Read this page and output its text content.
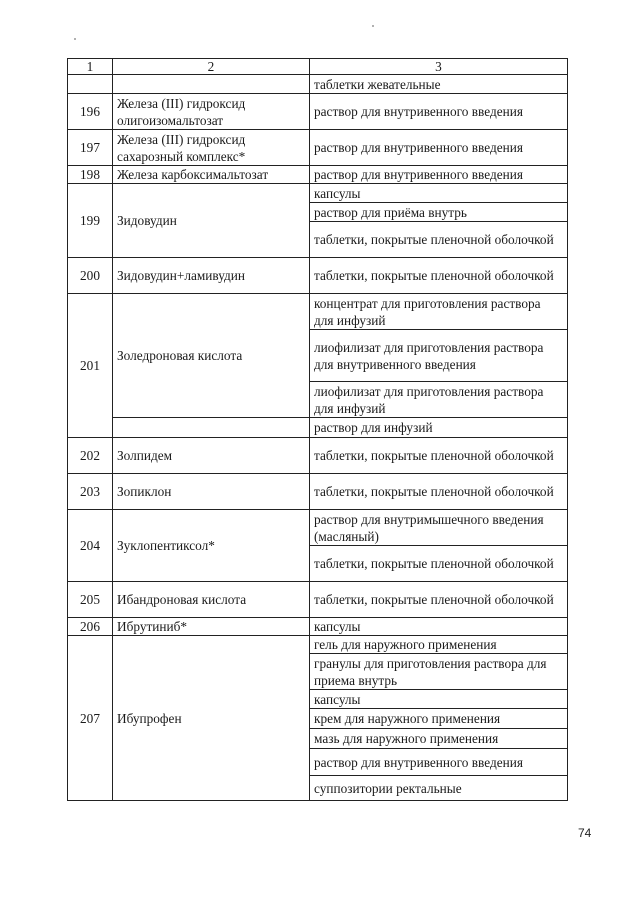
1	2	3
		таблетки жевательные
196	Железа (III) гидроксид олигоизомальтозат	раствор для внутривенного введения
197	Железа (III) гидроксид сахарозный комплекс*	раствор для внутривенного введения
198	Железа карбоксимальтозат	раствор для внутривенного введения
199	Зидовудин	капсулы
		раствор для приёма внутрь
		таблетки, покрытые пленочной оболочкой
200	Зидовудин+ламивудин	таблетки, покрытые пленочной оболочкой
201	Золедроновая кислота	концентрат для приготовления раствора для инфузий
		лиофилизат для приготовления раствора для внутривенного введения
		лиофилизат для приготовления раствора для инфузий
		раствор для инфузий
202	Золпидем	таблетки, покрытые пленочной оболочкой
203	Зопиклон	таблетки, покрытые пленочной оболочкой
204	Зуклопентиксол*	раствор для внутримышечного введения (масляный)
		таблетки, покрытые пленочной оболочкой
205	Ибандроновая кислота	таблетки, покрытые пленочной оболочкой
206	Ибрутиниб*	капсулы
207	Ибупрофен	гель для наружного применения
		гранулы для приготовления раствора для приема внутрь
		капсулы
		крем для наружного применения
		мазь для наружного применения
		раствор для внутривенного введения
		суппозитории ректальные
74
